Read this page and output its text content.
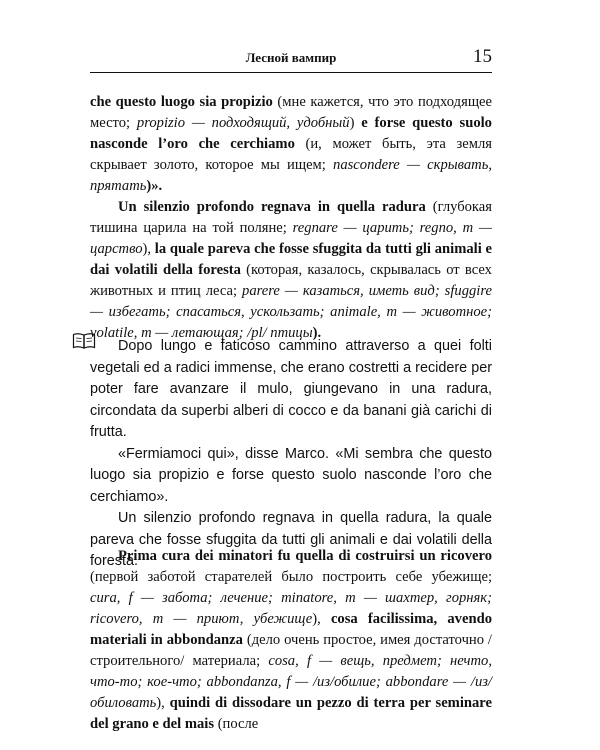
Лесной вампир	15

che questo luogo sia propizio (мне кажется, что это подходящее место; propizio — подходящий, удобный) e forse questo suolo nasconde l’oro che cerchiamo (и, может быть, эта земля скрывает золото, которое мы ищем; nascondere — скрывать, прятать)».

Un silenzio profondo regnava in quella radura (глубокая тишина царила на той поляне; regnare — царить; regno, m — царство), la quale pareva che fosse sfuggita da tutti gli animali e dai volatili della foresta (которая, казалось, скрывалась от всех животных и птиц леса; parere — казаться, иметь вид; sfuggire — избегать; спасаться, ускользать; animale, m — животное; volatile, m — летающая; /pl/ птицы).

Dopo lungo e faticoso cammino attraverso a quei folti vegetali ed a radici immense, che erano costretti a recidere per poter fare avanzare il mulo, giungevano in una radura, circondata da superbi alberi di cocco e da banani già carichi di frutta.

«Fermiamoci qui», disse Marco. «Mi sembra che questo luogo sia propizio e forse questo suolo nasconde l’oro che cerchiamo».

Un silenzio profondo regnava in quella radura, la quale pareva che fosse sfuggita da tutti gli animali e dai volatili della foresta.

Prima cura dei minatori fu quella di costruirsi un ricovero (первой заботой старателей было построить себе убежище; cura, f — забота; лечение; minatore, m — шахтер, горняк; ricovero, m — приют, убежище), cosa facilissima, avendo materiali in abbondanza (дело очень простое, имея достаточно /строительного/ материала; cosa, f — вещь, предмет; нечто, что-то; кое-что; abbondanza, f — /из/обилие; abbondare — /из/обиловать), quindi di dissodare un pezzo di terra per seminare del grano e del mais (после
